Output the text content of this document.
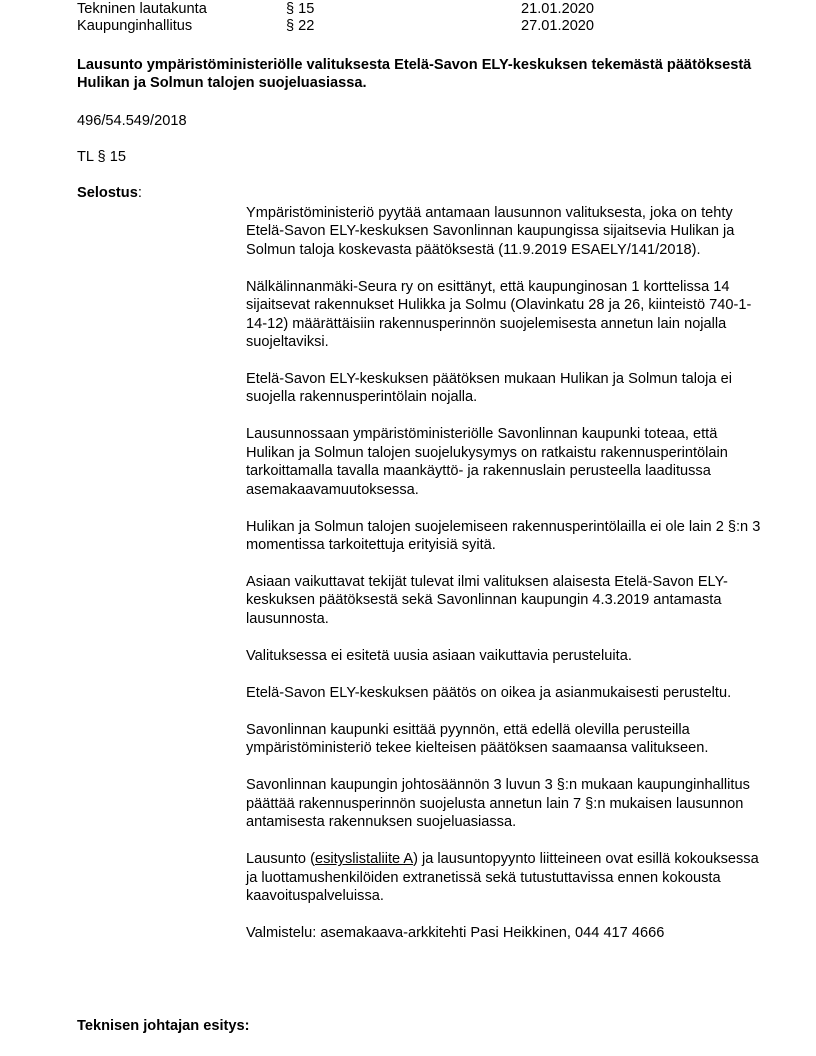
Tekninen lautakunta	§ 15	21.01.2020
Kaupunginhallitus	§ 22	27.01.2020
Lausunto ympäristöministeriölle valituksesta Etelä-Savon ELY-keskuksen tekemästä päätöksestä Hulikan ja Solmun talojen suojeluasiassa.
496/54.549/2018
TL § 15
Selostus:

Ympäristöministeriö pyytää antamaan lausunnon valituksesta, joka on tehty Etelä-Savon ELY-keskuksen Savonlinnan kaupungissa sijaitsevia Hulikan ja Solmun taloja koskevasta päätöksestä (11.9.2019 ESAELY/141/2018).

Nälkälinnanmäki-Seura ry on esittänyt, että kaupunginosan 1 korttelissa 14 sijaitsevat rakennukset Hulikka ja Solmu (Olavinkatu 28 ja 26, kiinteistö 740-1-14-12) määrättäisiin rakennusperinnön suojelemisesta annetun lain nojalla suojeltaviksi.

Etelä-Savon ELY-keskuksen päätöksen mukaan Hulikan ja Solmun taloja ei suojella rakennusperintölain nojalla.

Lausunnossaan ympäristöministeriölle Savonlinnan kaupunki toteaa, että Hulikan ja Solmun talojen suojelukysymys on ratkaistu rakennusperintölain tarkoittamalla tavalla maankäyttö- ja rakennuslain perusteella laaditussa asemakaavamuutoksessa.

Hulikan ja Solmun talojen suojelemiseen rakennusperintölailla ei ole lain 2 §:n 3 momentissa tarkoitettuja erityisiä syitä.

Asiaan vaikuttavat tekijät tulevat ilmi valituksen alaisesta Etelä-Savon ELY-keskuksen päätöksestä sekä Savonlinnan kaupungin 4.3.2019 antamasta lausunnosta.

Valituksessa ei esitetä uusia asiaan vaikuttavia perusteluita.

Etelä-Savon ELY-keskuksen päätös on oikea ja asianmukaisesti perusteltu.

Savonlinnan kaupunki esittää pyynnön, että edellä olevilla perusteilla ympäristöministeriö tekee kielteisen päätöksen saamaansa valitukseen.

Savonlinnan kaupungin johtosäännön 3 luvun 3 §:n mukaan kaupunginhallitus päättää rakennusperinnön suojelusta annetun lain 7 §:n mukaisen lausunnon antamisesta rakennuksen suojeluasiassa.

Lausunto (esityslistaliite A) ja lausuntopyynto liitteineen ovat esillä kokouksessa ja luottamushenkilöiden extranetissä sekä tutustuttavissa ennen kokousta kaavoituspalveluissa.

Valmistelu: asemakaava-arkkitehti Pasi Heikkinen, 044 417 4666

Teknisen johtajan esitys:
